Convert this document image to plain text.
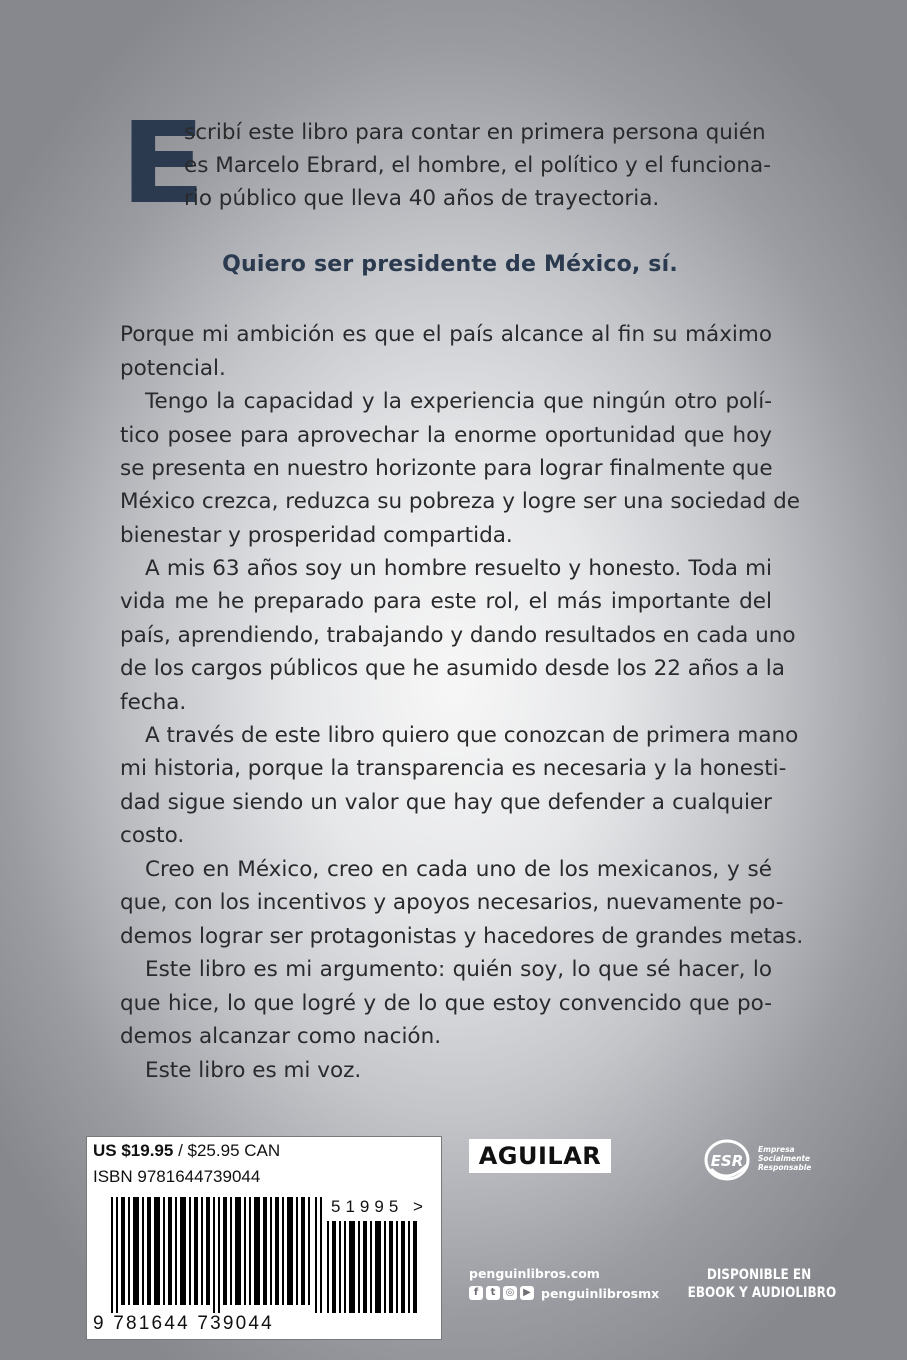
E
scribí este libro para contar en primera persona quién
es Marcelo Ebrard, el hombre, el político y el funciona-
rio público que lleva 40 años de trayectoria.
Quiero ser presidente de México, sí.
Porque mi ambición es que el país alcance al fin su máximo
potencial.
Tengo la capacidad y la experiencia que ningún otro polí-
tico posee para aprovechar la enorme oportunidad que hoy
se presenta en nuestro horizonte para lograr finalmente que
México crezca, reduzca su pobreza y logre ser una sociedad de
bienestar y prosperidad compartida.
A mis 63 años soy un hombre resuelto y honesto. Toda mi
vida me he preparado para este rol, el más importante del
país, aprendiendo, trabajando y dando resultados en cada uno
de los cargos públicos que he asumido desde los 22 años a la
fecha.
A través de este libro quiero que conozcan de primera mano
mi historia, porque la transparencia es necesaria y la honesti-
dad sigue siendo un valor que hay que defender a cualquier
costo.
Creo en México, creo en cada uno de los mexicanos, y sé
que, con los incentivos y apoyos necesarios, nuevamente po-
demos lograr ser protagonistas y hacedores de grandes metas.
Este libro es mi argumento: quién soy, lo que sé hacer, lo
que hice, lo que logré y de lo que estoy convencido que po-
demos alcanzar como nación.
Este libro es mi voz.
US $19.95 / $25.95 CAN
ISBN 9781644739044
51995 >
9 781644 739044
AGUILAR	ESR
Empresa
Socialmente
Responsable
penguinlibros.com
f	t	◎ ▶ penguinlibrosmx
DISPONIBLE EN
EBOOK Y AUDIOLIBRO
